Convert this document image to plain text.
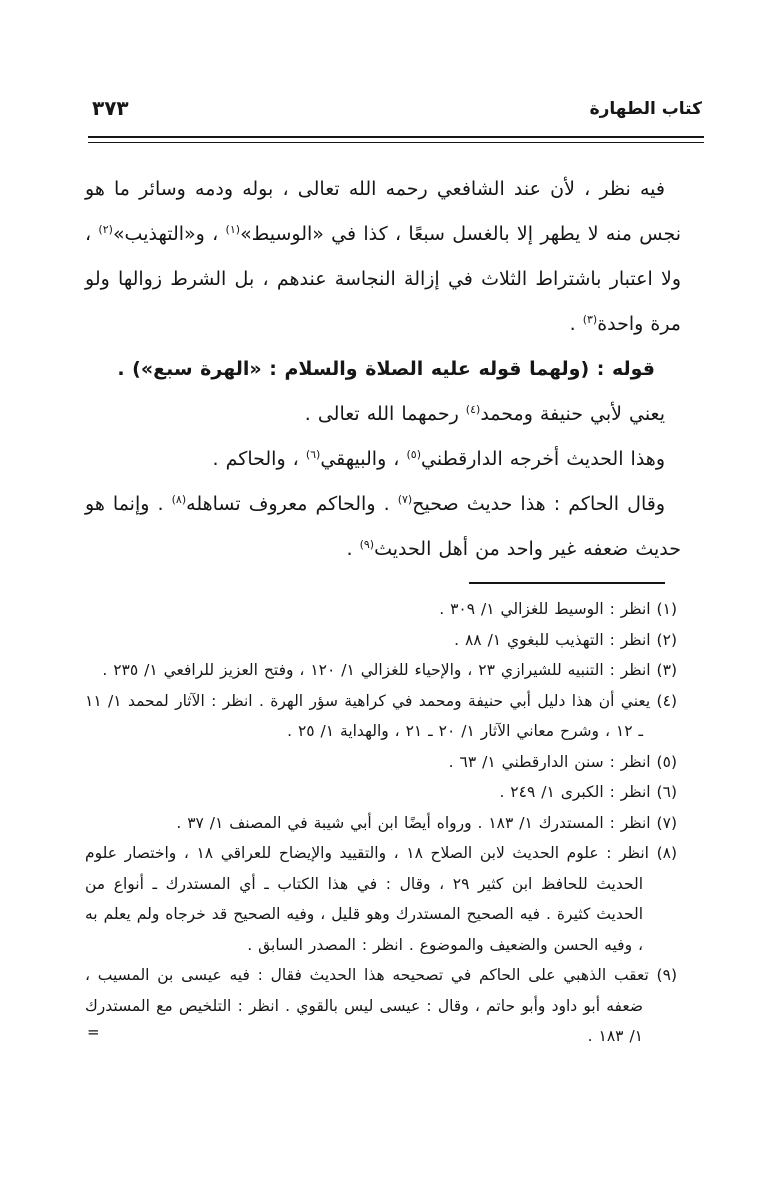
٣٧٣	كتاب الطهارة

فيه نظر ، لأن عند الشافعي رحمه الله تعالى ، بوله ودمه وسائر ما هو نجس منه لا يطهر إلا بالغسل سبعًا ، كذا في «الوسيط»$^{(١)}$ ، و«التهذيب»$^{(٢)}$ ، ولا اعتبار باشتراط الثلاث في إزالة النجاسة عندهم ، بل الشرط زوالها ولو مرة واحدة$^{(٣)}$ .

قوله : (ولهما قوله عليه الصلاة والسلام : «الهرة سبع») .

يعني لأبي حنيفة ومحمد$^{(٤)}$ رحمهما الله تعالى .

وهذا الحديث أخرجه الدارقطني$^{(٥)}$ ، والبيهقي$^{(٦)}$ ، والحاكم .

وقال الحاكم : هذا حديث صحيح$^{(٧)}$ . والحاكم معروف تساهله$^{(٨)}$ . وإنما هو حديث ضعفه غير واحد من أهل الحديث$^{(٩)}$ .

(١) انظر : الوسيط للغزالي ١/ ٣٠٩ .
(٢) انظر : التهذيب للبغوي ١/ ٨٨ .
(٣) انظر : التنبيه للشيرازي ٢٣ ، والإحياء للغزالي ١/ ١٢٠ ، وفتح العزيز للرافعي ١/ ٢٣٥ .
(٤) يعني أن هذا دليل أبي حنيفة ومحمد في كراهية سؤر الهرة . انظر : الآثار لمحمد ١/ ١١ ـ ١٢ ، وشرح معاني الآثار ١/ ٢٠ ـ ٢١ ، والهداية ١/ ٢٥ .
(٥) انظر : سنن الدارقطني ١/ ٦٣ .
(٦) انظر : الكبرى ١/ ٢٤٩ .
(٧) انظر : المستدرك ١/ ١٨٣ . ورواه أيضًا ابن أبي شيبة في المصنف ١/ ٣٧ .
(٨) انظر : علوم الحديث لابن الصلاح ١٨ ، والتقييد والإيضاح للعراقي ١٨ ، واختصار علوم الحديث للحافظ ابن كثير ٢٩ ، وقال : في هذا الكتاب ـ أي المستدرك ـ أنواع من الحديث كثيرة . فيه الصحيح المستدرك وهو قليل ، وفيه الصحيح قد خرجاه ولم يعلم به ، وفيه الحسن والضعيف والموضوع . انظر : المصدر السابق .
(٩) تعقب الذهبي على الحاكم في تصحيحه هذا الحديث فقال : فيه عيسى بن المسيب ، ضعفه أبو داود وأبو حاتم ، وقال : عيسى ليس بالقوي . انظر : التلخيص مع المستدرك ١/ ١٨٣ .
=
